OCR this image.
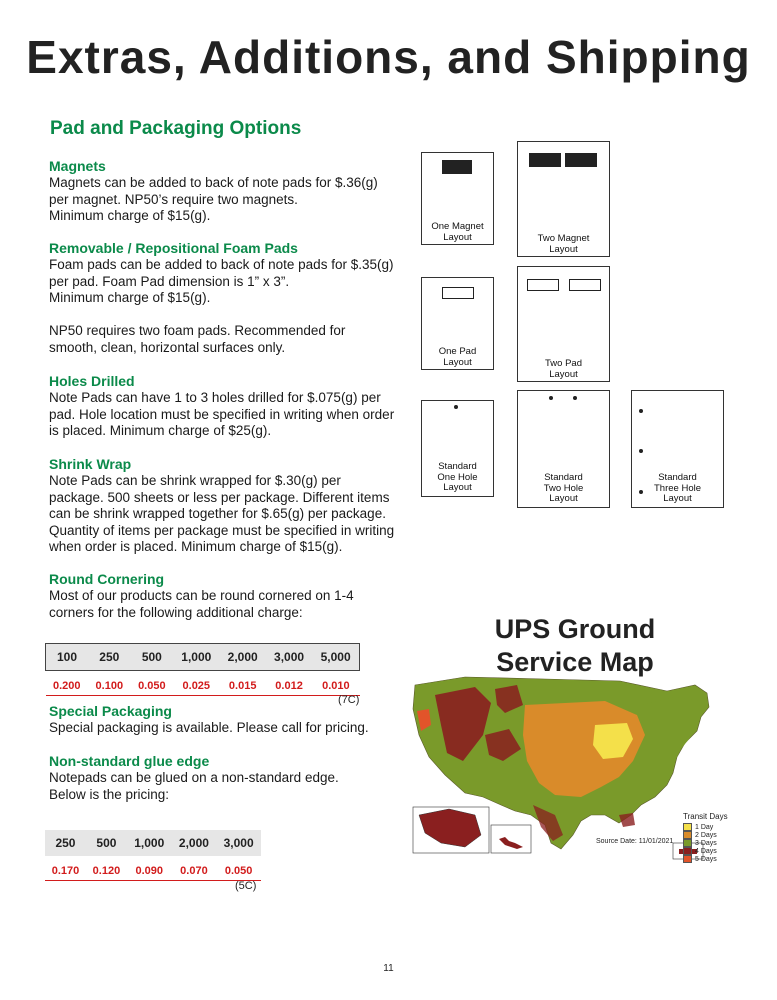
Extras, Additions, and Shipping
Pad and Packaging Options
Magnets

Magnets can be added to back of note pads for $.36(g)

per magnet. NP50’s require two magnets.

Minimum charge of $15(g).

Removable / Repositional Foam Pads

Foam pads can be added to back of note pads for $.35(g)

per pad. Foam Pad dimension is 1” x 3”.

Minimum charge of $15(g).

NP50 requires two foam pads. Recommended for

smooth, clean, horizontal surfaces only.

Holes Drilled

Note Pads can have 1 to 3 holes drilled for $.075(g) per

pad. Hole location must be specified in writing when order

is placed. Minimum charge of $25(g).

Shrink Wrap

Note Pads can be shrink wrapped for $.30(g) per

package. 500 sheets or less per package. Different items

can be shrink wrapped together for $.65(g) per package.

Quantity of items per package must be specified in writing

when order is placed. Minimum charge of $15(g).

Round Cornering

Most of our products can be round cornered on 1-4

corners for the following additional charge:

100	250	500	1,000	2,000	3,000	5,000

0.200	0.100	0.050	0.025	0.015	0.012	0.010
(7C)
Special Packaging

Special packaging is available. Please call for pricing.

Non-standard glue edge

Notepads can be glued on a non-standard edge.

Below is the pricing:

250	500	1,000	2,000	3,000

0.170	0.120	0.090	0.070	0.050
(5C)
One Magnet
Layout	Two Magnet
Layout
One Pad
Layout	Two Pad
Layout
Standard
One Hole
Layout
Standard
Two Hole
Layout
Standard
Three Hole
Layout
UPS Ground
Service Map
Source Date: 11/01/2021
Transit Days
1 Day
2 Days
3 Days
4 Days
5 Days
11
